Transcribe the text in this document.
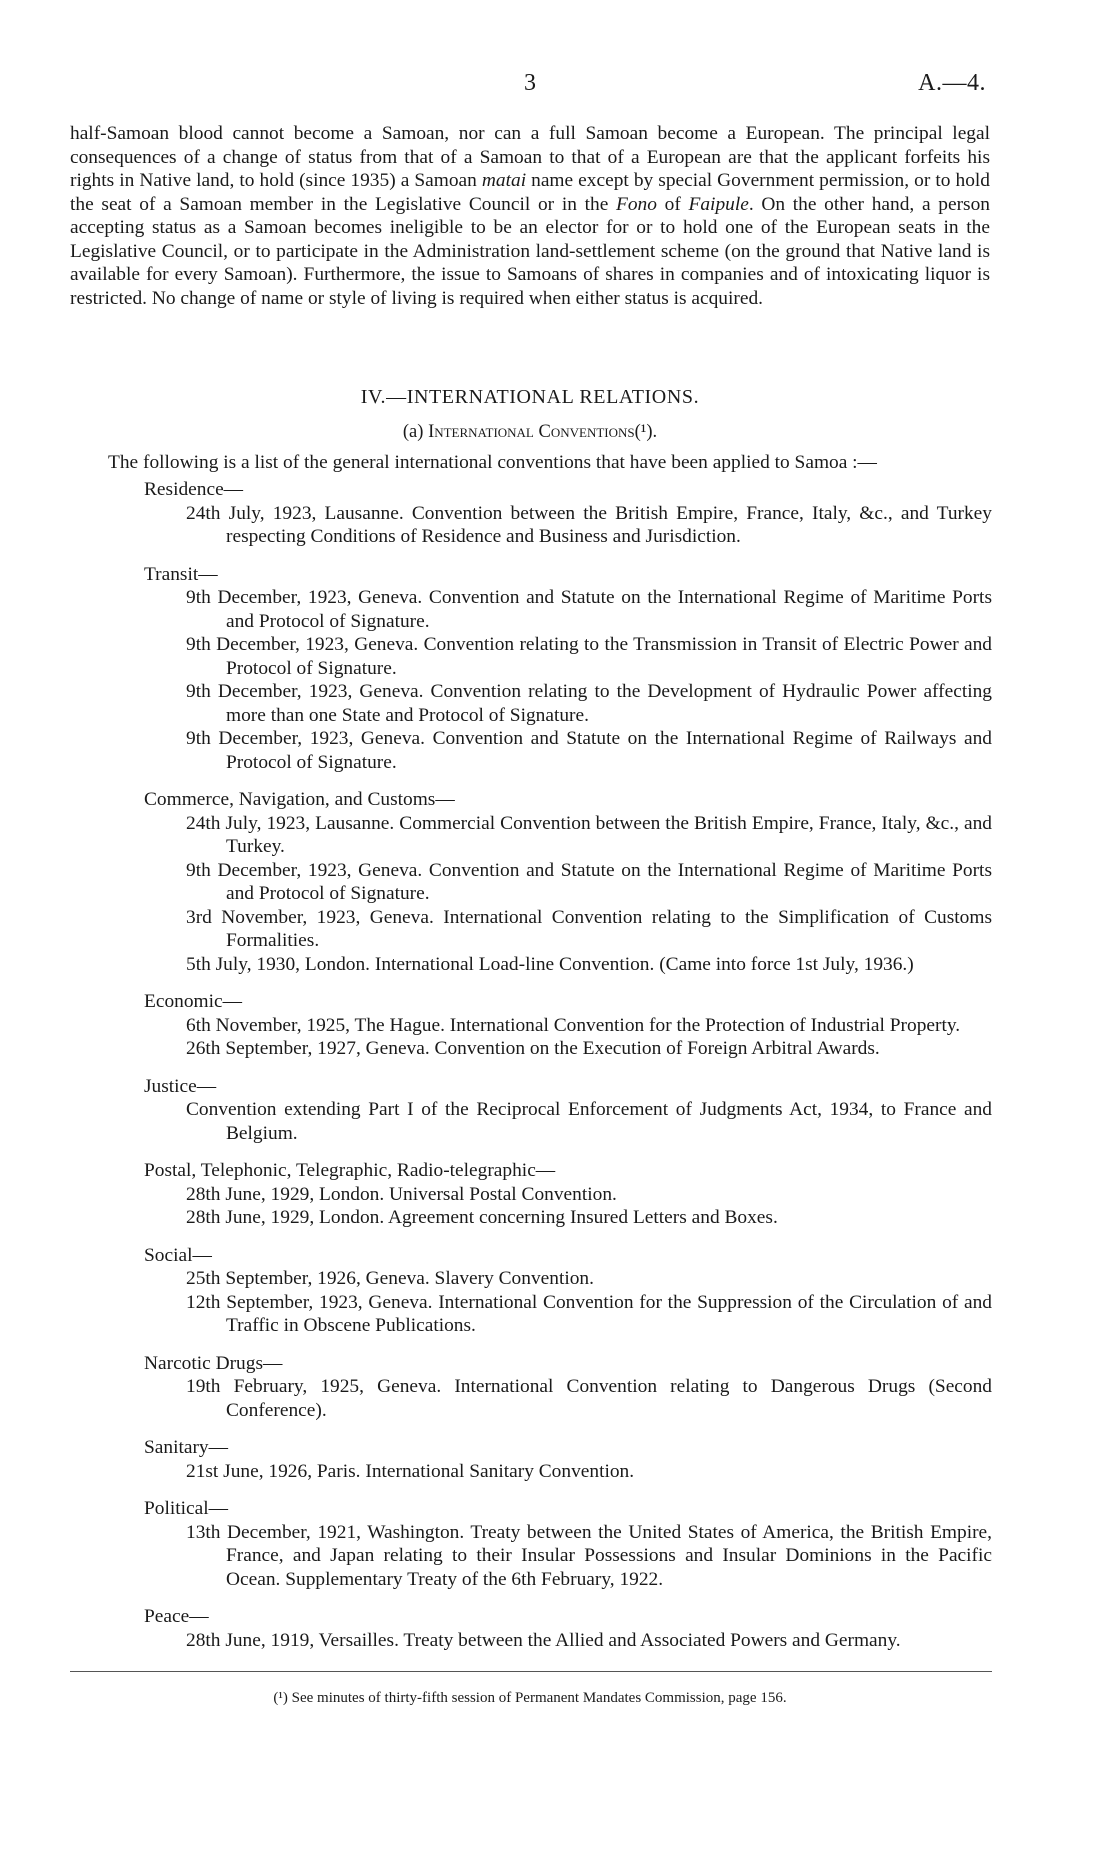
3	A.—4.

half-Samoan blood cannot become a Samoan, nor can a full Samoan become a European. The principal legal consequences of a change of status from that of a Samoan to that of a European are that the applicant forfeits his rights in Native land, to hold (since 1935) a Samoan matai name except by special Government permission, or to hold the seat of a Samoan member in the Legislative Council or in the Fono of Faipule. On the other hand, a person accepting status as a Samoan becomes ineligible to be an elector for or to hold one of the European seats in the Legislative Council, or to participate in the Administration land-settlement scheme (on the ground that Native land is available for every Samoan). Furthermore, the issue to Samoans of shares in companies and of intoxicating liquor is restricted. No change of name or style of living is required when either status is acquired.

IV.—INTERNATIONAL RELATIONS.
(a) International Conventions(¹).
The following is a list of the general international conventions that have been applied to Samoa :—
Residence—
24th July, 1923, Lausanne. Convention between the British Empire, France, Italy, &c., and Turkey respecting Conditions of Residence and Business and Jurisdiction.
Transit—
9th December, 1923, Geneva. Convention and Statute on the International Regime of Maritime Ports and Protocol of Signature.
9th December, 1923, Geneva. Convention relating to the Transmission in Transit of Electric Power and Protocol of Signature.
9th December, 1923, Geneva. Convention relating to the Development of Hydraulic Power affecting more than one State and Protocol of Signature.
9th December, 1923, Geneva. Convention and Statute on the International Regime of Railways and Protocol of Signature.
Commerce, Navigation, and Customs—
24th July, 1923, Lausanne. Commercial Convention between the British Empire, France, Italy, &c., and Turkey.
9th December, 1923, Geneva. Convention and Statute on the International Regime of Maritime Ports and Protocol of Signature.
3rd November, 1923, Geneva. International Convention relating to the Simplification of Customs Formalities.
5th July, 1930, London. International Load-line Convention. (Came into force 1st July, 1936.)
Economic—
6th November, 1925, The Hague. International Convention for the Protection of Industrial Property.
26th September, 1927, Geneva. Convention on the Execution of Foreign Arbitral Awards.
Justice—
Convention extending Part I of the Reciprocal Enforcement of Judgments Act, 1934, to France and Belgium.
Postal, Telephonic, Telegraphic, Radio-telegraphic—
28th June, 1929, London. Universal Postal Convention.
28th June, 1929, London. Agreement concerning Insured Letters and Boxes.
Social—
25th September, 1926, Geneva. Slavery Convention.
12th September, 1923, Geneva. International Convention for the Suppression of the Circulation of and Traffic in Obscene Publications.
Narcotic Drugs—
19th February, 1925, Geneva. International Convention relating to Dangerous Drugs (Second Conference).
Sanitary—
21st June, 1926, Paris. International Sanitary Convention.
Political—
13th December, 1921, Washington. Treaty between the United States of America, the British Empire, France, and Japan relating to their Insular Possessions and Insular Dominions in the Pacific Ocean. Supplementary Treaty of the 6th February, 1922.
Peace—
28th June, 1919, Versailles. Treaty between the Allied and Associated Powers and Germany.
(¹) See minutes of thirty-fifth session of Permanent Mandates Commission, page 156.
